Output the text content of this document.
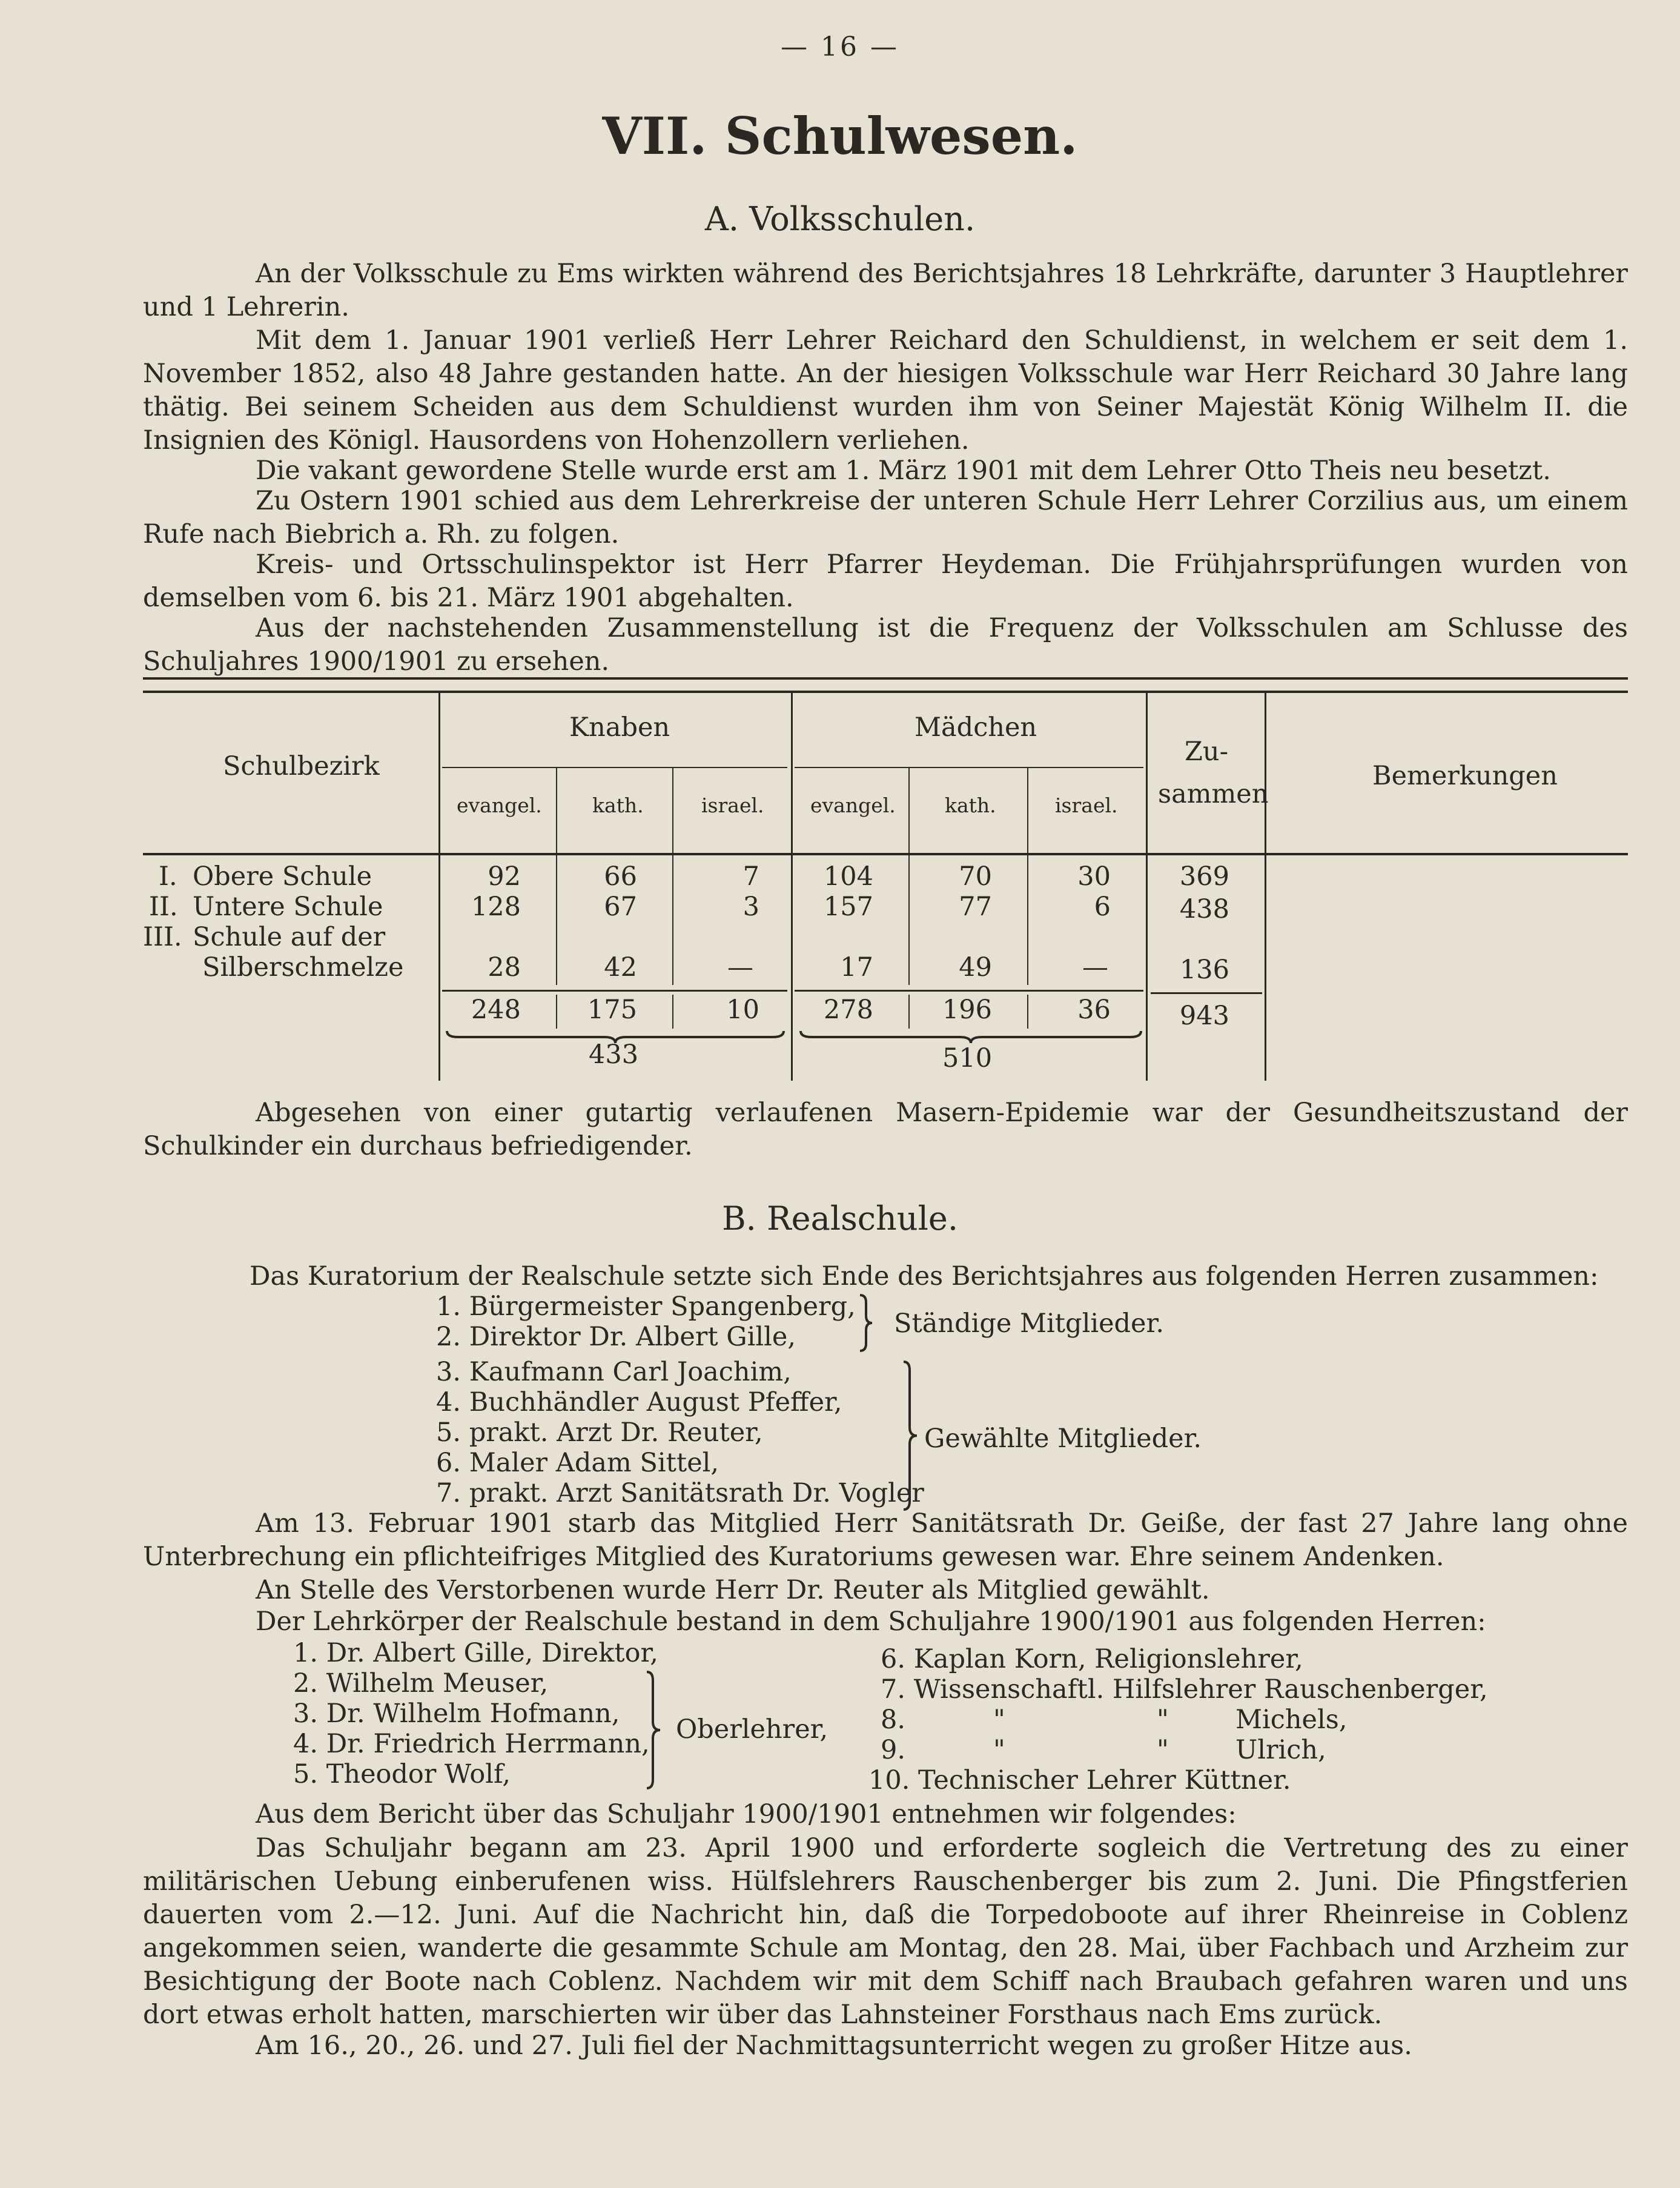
— 16 —
VII. Schulwesen.
A. Volksschulen.
An der Volksschule zu Ems wirkten während des Berichtsjahres 18 Lehrkräfte, darunter 3 Hauptlehrer und 1 Lehrerin.
Mit dem 1. Januar 1901 verließ Herr Lehrer Reichard den Schuldienst, in welchem er seit dem 1. November 1852, also 48 Jahre gestanden hatte. An der hiesigen Volksschule war Herr Reichard 30 Jahre lang thätig. Bei seinem Scheiden aus dem Schuldienst wurden ihm von Seiner Majestät König Wilhelm II. die Insignien des Königl. Hausordens von Hohenzollern verliehen.
Die vakant gewordene Stelle wurde erst am 1. März 1901 mit dem Lehrer Otto Theis neu besetzt.
Zu Ostern 1901 schied aus dem Lehrerkreise der unteren Schule Herr Lehrer Corzilius aus, um einem Rufe nach Biebrich a. Rh. zu folgen.
Kreis- und Ortsschulinspektor ist Herr Pfarrer Heydeman. Die Frühjahrsprüfungen wurden von demselben vom 6. bis 21. März 1901 abgehalten.
Aus der nachstehenden Zusammenstellung ist die Frequenz der Volksschulen am Schlusse des Schuljahres 1900/1901 zu ersehen.
Schulbezirk
Knaben	Mädchen
evangel.	kath.	israel. evangel. kath.	israel.
Zu-
sammen
Bemerkungen
I. Obere Schule
II. Untere Schule
III. Schule auf der
Silberschmelze
92	66	7	104	70	30	369
128	67	3	157	77	6	438
28	42	—	17	49	—	136
248	175	10	278	196	36	943
433	510
Abgesehen von einer gutartig verlaufenen Masern-Epidemie war der Gesundheitszustand der Schulkinder ein durchaus befriedigender.
B. Realschule.
Das Kuratorium der Realschule setzte sich Ende des Berichtsjahres aus folgenden Herren zusammen:
1. Bürgermeister Spangenberg,
2. Direktor Dr. Albert Gille,	Ständige Mitglieder.
3. Kaufmann Carl Joachim,
4. Buchhändler August Pfeffer,
5. prakt. Arzt Dr. Reuter,
6. Maler Adam Sittel,
7. prakt. Arzt Sanitätsrath Dr. Vogler
Gewählte Mitglieder.
Am 13. Februar 1901 starb das Mitglied Herr Sanitätsrath Dr. Geiße, der fast 27 Jahre lang ohne Unterbrechung ein pflichteifriges Mitglied des Kuratoriums gewesen war. Ehre seinem Andenken.
An Stelle des Verstorbenen wurde Herr Dr. Reuter als Mitglied gewählt.
Der Lehrkörper der Realschule bestand in dem Schuljahre 1900/1901 aus folgenden Herren:
1. Dr. Albert Gille, Direktor,
2. Wilhelm Meuser,
3. Dr. Wilhelm Hofmann,
4. Dr. Friedrich Herrmann,
5. Theodor Wolf,
Oberlehrer,
6. Kaplan Korn, Religionslehrer,
7. Wissenschaftl. Hilfslehrer Rauschenberger,
8.	"	"	Michels,
9.	"	"	Ulrich,
10. Technischer Lehrer Küttner.
Aus dem Bericht über das Schuljahr 1900/1901 entnehmen wir folgendes:
Das Schuljahr begann am 23. April 1900 und erforderte sogleich die Vertretung des zu einer militärischen Uebung einberufenen wiss. Hülfslehrers Rauschenberger bis zum 2. Juni. Die Pfingstferien dauerten vom 2.—12. Juni. Auf die Nachricht hin, daß die Torpedoboote auf ihrer Rheinreise in Coblenz angekommen seien, wanderte die gesammte Schule am Montag, den 28. Mai, über Fachbach und Arzheim zur Besichtigung der Boote nach Coblenz. Nachdem wir mit dem Schiff nach Braubach gefahren waren und uns dort etwas erholt hatten, marschierten wir über das Lahnsteiner Forsthaus nach Ems zurück.
Am 16., 20., 26. und 27. Juli fiel der Nachmittagsunterricht wegen zu großer Hitze aus.
